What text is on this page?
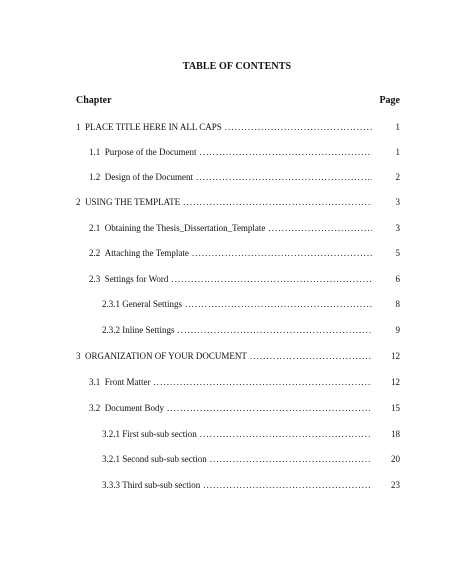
TABLE OF CONTENTS
Chapter	Page
1 PLACE TITLE HERE IN ALL CAPS . . .	1
1.1 Purpose of the Document . . .	1
1.2 Design of the Document . . .	2
2 USING THE TEMPLATE . . .	3
2.1 Obtaining the Thesis_Dissertation_Template . . .	3
2.2 Attaching the Template . . .	5
2.3 Settings for Word . . .	6
2.3.1 General Settings . . .	8
2.3.2 Inline Settings . . .	9
3 ORGANIZATION OF YOUR DOCUMENT . . .	12
3.1 Front Matter . . .	12
3.2 Document Body . . .	15
3.2.1 First sub-sub section . . .	18
3.2.1 Second sub-sub section . . .	20
3.3.3 Third sub-sub section . . .	23
